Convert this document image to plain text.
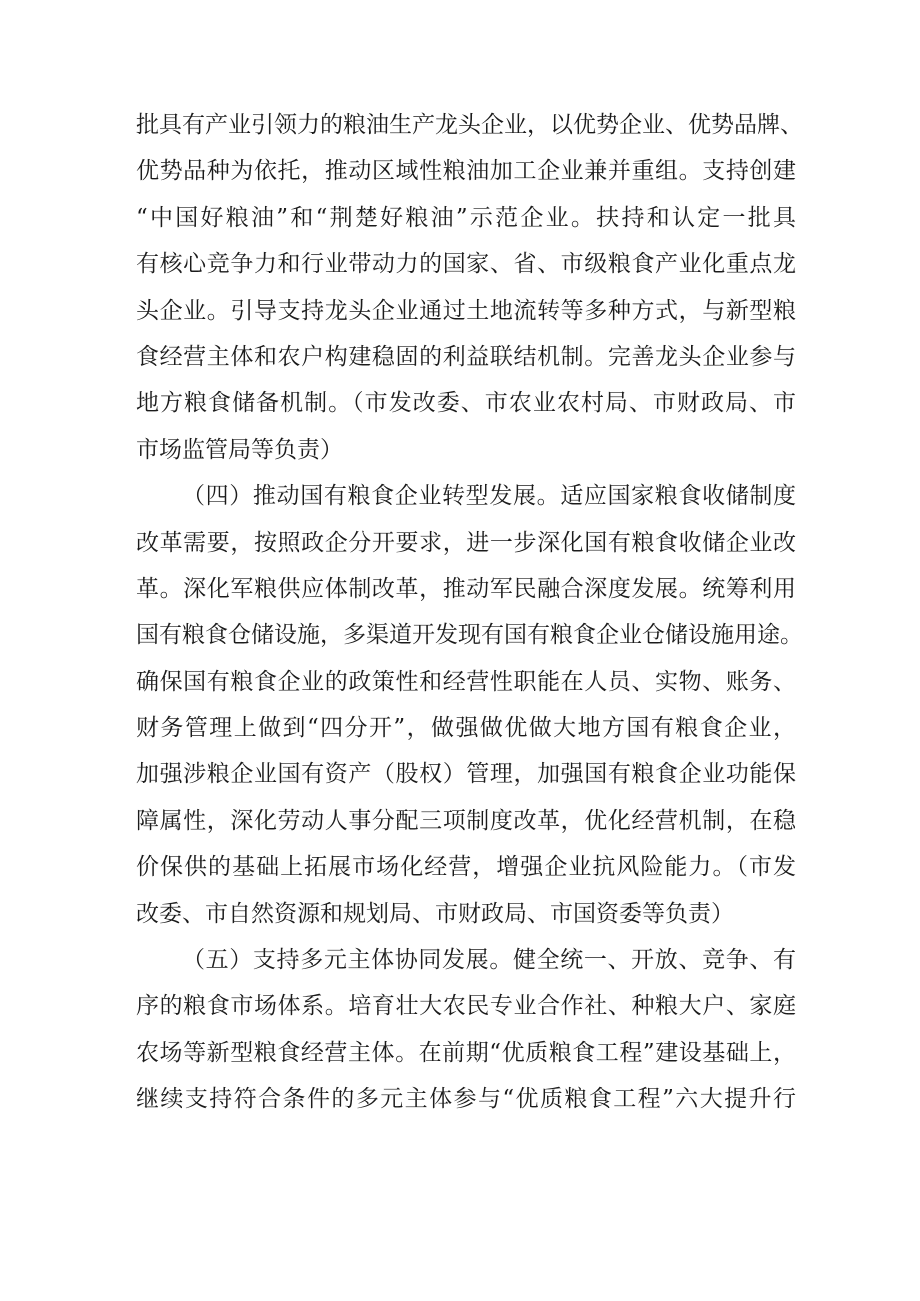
批具有产业引领力的粮油生产龙头企业，以优势企业、优势品牌、
优势品种为依托，推动区域性粮油加工企业兼并重组。支持创建
“中国好粮油”和“荆楚好粮油”示范企业。扶持和认定一批具
有核心竞争力和行业带动力的国家、省、市级粮食产业化重点龙
头企业。引导支持龙头企业通过土地流转等多种方式，与新型粮
食经营主体和农户构建稳固的利益联结机制。完善龙头企业参与
地方粮食储备机制。（市发改委、市农业农村局、市财政局、市
市场监管局等负责）
（四）推动国有粮食企业转型发展。适应国家粮食收储制度
改革需要，按照政企分开要求，进一步深化国有粮食收储企业改
革。深化军粮供应体制改革，推动军民融合深度发展。统筹利用
国有粮食仓储设施，多渠道开发现有国有粮食企业仓储设施用途。
确保国有粮食企业的政策性和经营性职能在人员、实物、账务、
财务管理上做到“四分开”，做强做优做大地方国有粮食企业，
加强涉粮企业国有资产（股权）管理，加强国有粮食企业功能保
障属性，深化劳动人事分配三项制度改革，优化经营机制，在稳
价保供的基础上拓展市场化经营，增强企业抗风险能力。（市发
改委、市自然资源和规划局、市财政局、市国资委等负责）
（五）支持多元主体协同发展。健全统一、开放、竞争、有
序的粮食市场体系。培育壮大农民专业合作社、种粮大户、家庭
农场等新型粮食经营主体。在前期“优质粮食工程”建设基础上，
继续支持符合条件的多元主体参与“优质粮食工程”六大提升行
